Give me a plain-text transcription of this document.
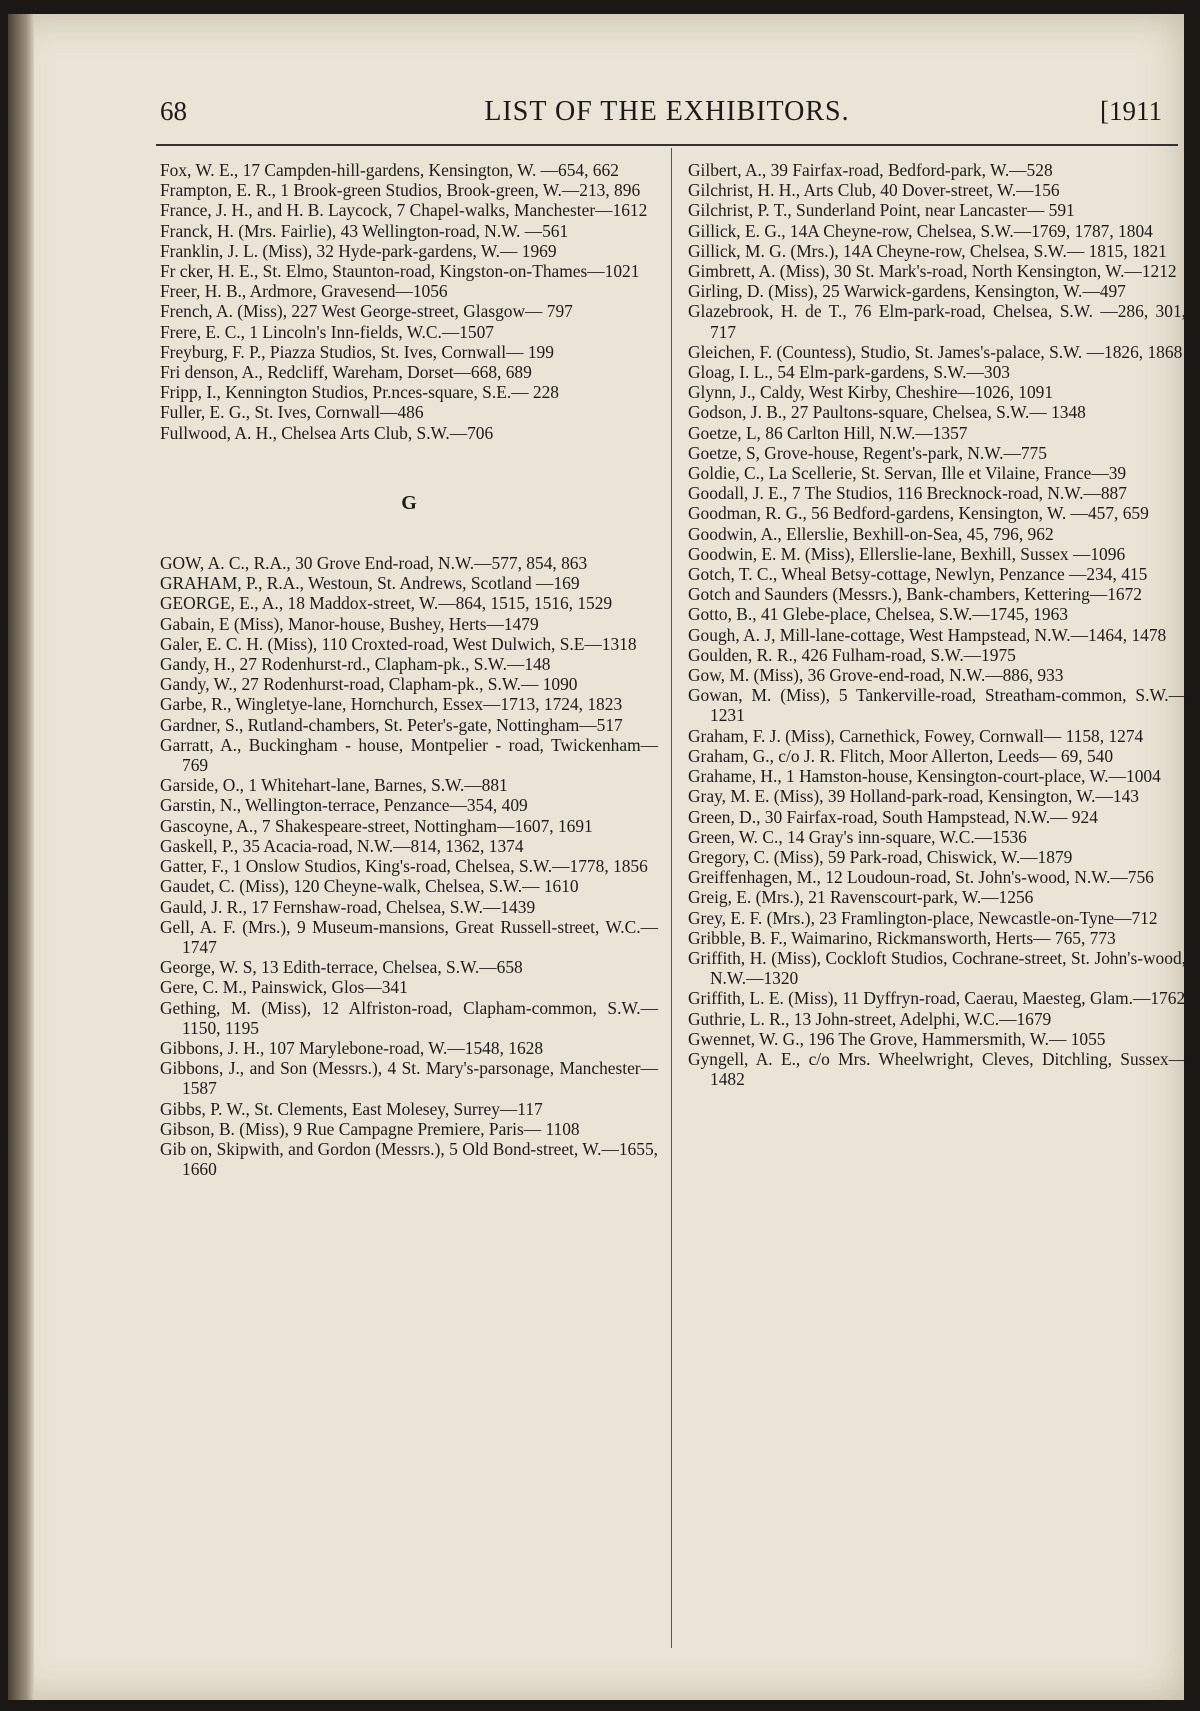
68	LIST OF THE EXHIBITORS.	[1911

Fox, W. E., 17 Campden-hill-gardens, Kensington, W. —654, 662

Frampton, E. R., 1 Brook-green Studios, Brook-green, W.—213, 896

France, J. H., and H. B. Laycock, 7 Chapel-walks, Manchester—1612

Franck, H. (Mrs. Fairlie), 43 Wellington-road, N.W. —561

Franklin, J. L. (Miss), 32 Hyde-park-gardens, W.— 1969

Fr cker, H. E., St. Elmo, Staunton-road, Kingston-on-Thames—1021

Freer, H. B., Ardmore, Gravesend—1056

French, A. (Miss), 227 West George-street, Glasgow— 797

Frere, E. C., 1 Lincoln's Inn-fields, W.C.—1507

Freyburg, F. P., Piazza Studios, St. Ives, Cornwall— 199

Fri denson, A., Redcliff, Wareham, Dorset—668, 689

Fripp, I., Kennington Studios, Pr.nces-square, S.E.— 228

Fuller, E. G., St. Ives, Cornwall—486

Fullwood, A. H., Chelsea Arts Club, S.W.—706

G

GOW, A. C., R.A., 30 Grove End-road, N.W.—577, 854, 863

GRAHAM, P., R.A., Westoun, St. Andrews, Scotland —169

GEORGE, E., A., 18 Maddox-street, W.—864, 1515, 1516, 1529

Gabain, E (Miss), Manor-house, Bushey, Herts—1479

Galer, E. C. H. (Miss), 110 Croxted-road, West Dulwich, S.E—1318

Gandy, H., 27 Rodenhurst-rd., Clapham-pk., S.W.—148

Gandy, W., 27 Rodenhurst-road, Clapham-pk., S.W.— 1090

Garbe, R., Wingletye-lane, Hornchurch, Essex—1713, 1724, 1823

Gardner, S., Rutland-chambers, St. Peter's-gate, Nottingham—517

Garratt, A., Buckingham - house, Montpelier - road, Twickenham—769

Garside, O., 1 Whitehart-lane, Barnes, S.W.—881

Garstin, N., Wellington-terrace, Penzance—354, 409

Gascoyne, A., 7 Shakespeare-street, Nottingham—1607, 1691

Gaskell, P., 35 Acacia-road, N.W.—814, 1362, 1374

Gatter, F., 1 Onslow Studios, King's-road, Chelsea, S.W.—1778, 1856

Gaudet, C. (Miss), 120 Cheyne-walk, Chelsea, S.W.— 1610

Gauld, J. R., 17 Fernshaw-road, Chelsea, S.W.—1439

Gell, A. F. (Mrs.), 9 Museum-mansions, Great Russell-street, W.C.—1747

George, W. S, 13 Edith-terrace, Chelsea, S.W.—658

Gere, C. M., Painswick, Glos—341

Gething, M. (Miss), 12 Alfriston-road, Clapham-common, S.W.—1150, 1195

Gibbons, J. H., 107 Marylebone-road, W.—1548, 1628

Gibbons, J., and Son (Messrs.), 4 St. Mary's-parsonage, Manchester—1587

Gibbs, P. W., St. Clements, East Molesey, Surrey—117

Gibson, B. (Miss), 9 Rue Campagne Premiere, Paris— 1108

Gib on, Skipwith, and Gordon (Messrs.), 5 Old Bond-street, W.—1655, 1660

Gilbert, A., 39 Fairfax-road, Bedford-park, W.—528

Gilchrist, H. H., Arts Club, 40 Dover-street, W.—156

Gilchrist, P. T., Sunderland Point, near Lancaster— 591

Gillick, E. G., 14A Cheyne-row, Chelsea, S.W.—1769, 1787, 1804

Gillick, M. G. (Mrs.), 14A Cheyne-row, Chelsea, S.W.— 1815, 1821

Gimbrett, A. (Miss), 30 St. Mark's-road, North Kensington, W.—1212

Girling, D. (Miss), 25 Warwick-gardens, Kensington, W.—497

Glazebrook, H. de T., 76 Elm-park-road, Chelsea, S.W. —286, 301, 717

Gleichen, F. (Countess), Studio, St. James's-palace, S.W. —1826, 1868

Gloag, I. L., 54 Elm-park-gardens, S.W.—303

Glynn, J., Caldy, West Kirby, Cheshire—1026, 1091

Godson, J. B., 27 Paultons-square, Chelsea, S.W.— 1348

Goetze, L, 86 Carlton Hill, N.W.—1357

Goetze, S, Grove-house, Regent's-park, N.W.—775

Goldie, C., La Scellerie, St. Servan, Ille et Vilaine, France—39

Goodall, J. E., 7 The Studios, 116 Brecknock-road, N.W.—887

Goodman, R. G., 56 Bedford-gardens, Kensington, W. —457, 659

Goodwin, A., Ellerslie, Bexhill-on-Sea, 45, 796, 962

Goodwin, E. M. (Miss), Ellerslie-lane, Bexhill, Sussex —1096

Gotch, T. C., Wheal Betsy-cottage, Newlyn, Penzance —234, 415

Gotch and Saunders (Messrs.), Bank-chambers, Kettering—1672

Gotto, B., 41 Glebe-place, Chelsea, S.W.—1745, 1963

Gough, A. J, Mill-lane-cottage, West Hampstead, N.W.—1464, 1478

Goulden, R. R., 426 Fulham-road, S.W.—1975

Gow, M. (Miss), 36 Grove-end-road, N.W.—886, 933

Gowan, M. (Miss), 5 Tankerville-road, Streatham-common, S.W.—1231

Graham, F. J. (Miss), Carnethick, Fowey, Cornwall— 1158, 1274

Graham, G., c/o J. R. Flitch, Moor Allerton, Leeds— 69, 540

Grahame, H., 1 Hamston-house, Kensington-court-place, W.—1004

Gray, M. E. (Miss), 39 Holland-park-road, Kensington, W.—143

Green, D., 30 Fairfax-road, South Hampstead, N.W.— 924

Green, W. C., 14 Gray's inn-square, W.C.—1536

Gregory, C. (Miss), 59 Park-road, Chiswick, W.—1879

Greiffenhagen, M., 12 Loudoun-road, St. John's-wood, N.W.—756

Greig, E. (Mrs.), 21 Ravenscourt-park, W.—1256

Grey, E. F. (Mrs.), 23 Framlington-place, Newcastle-on-Tyne—712

Gribble, B. F., Waimarino, Rickmansworth, Herts— 765, 773

Griffith, H. (Miss), Cockloft Studios, Cochrane-street, St. John's-wood, N.W.—1320

Griffith, L. E. (Miss), 11 Dyffryn-road, Caerau, Maesteg, Glam.—1762

Guthrie, L. R., 13 John-street, Adelphi, W.C.—1679

Gwennet, W. G., 196 The Grove, Hammersmith, W.— 1055

Gyngell, A. E., c/o Mrs. Wheelwright, Cleves, Ditchling, Sussex—1482
